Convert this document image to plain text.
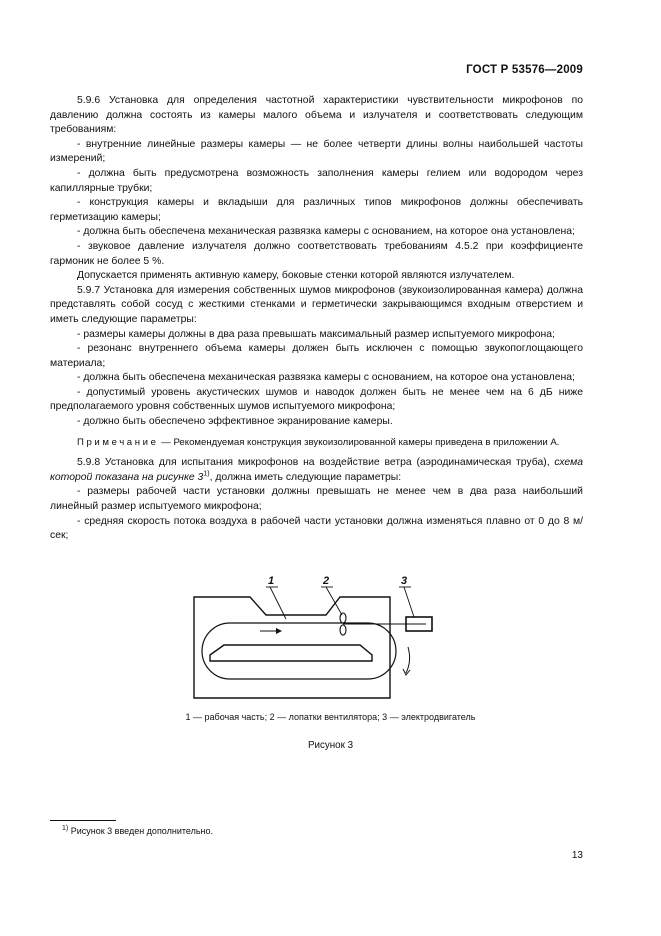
ГОСТ Р 53576—2009

5.9.6 Установка для определения частотной характеристики чувствительности микрофонов по давлению должна состоять из камеры малого объема и излучателя и соответствовать следующим требованиям:

- внутренние линейные размеры камеры — не более четверти длины волны наибольшей частоты измерений;

- должна быть предусмотрена возможность заполнения камеры гелием или водородом через капиллярные трубки;

- конструкция камеры и вкладыши для различных типов микрофонов должны обеспечивать герметизацию камеры;

- должна быть обеспечена механическая развязка камеры с основанием, на которое она установлена;

- звуковое давление излучателя должно соответствовать требованиям 4.5.2 при коэффициенте гармоник не более 5 %.

Допускается применять активную камеру, боковые стенки которой являются излучателем.

5.9.7 Установка для измерения собственных шумов микрофонов (звукоизолированная камера) должна представлять собой сосуд с жесткими стенками и герметически закрывающимся входным отверстием и иметь следующие параметры:

- размеры камеры должны в два раза превышать максимальный размер испытуемого микрофона;

- резонанс внутреннего объема камеры должен быть исключен с помощью звукопоглощающего материала;

- должна быть обеспечена механическая развязка камеры с основанием, на которое она установлена;

- допустимый уровень акустических шумов и наводок должен быть не менее чем на 6 дБ ниже предполагаемого уровня собственных шумов испытуемого микрофона;

- должно быть обеспечено эффективное экранирование камеры.

Примечание — Рекомендуемая конструкция звукоизолированной камеры приведена в приложении А.

5.9.8 Установка для испытания микрофонов на воздействие ветра (аэродинамическая труба), схема которой показана на рисунке 3$^{1)}$, должна иметь следующие параметры:

- размеры рабочей части установки должны превышать не менее чем в два раза наибольший линейный размер испытуемого микрофона;

- средняя скорость потока воздуха в рабочей части установки должна изменяться плавно от 0 до 8 м/сек;

1	2	3
1 — рабочая часть; 2 — лопатки вентилятора; 3 — электродвигатель
Рисунок 3
$^{1)}$ Рисунок 3 введен дополнительно.
13
